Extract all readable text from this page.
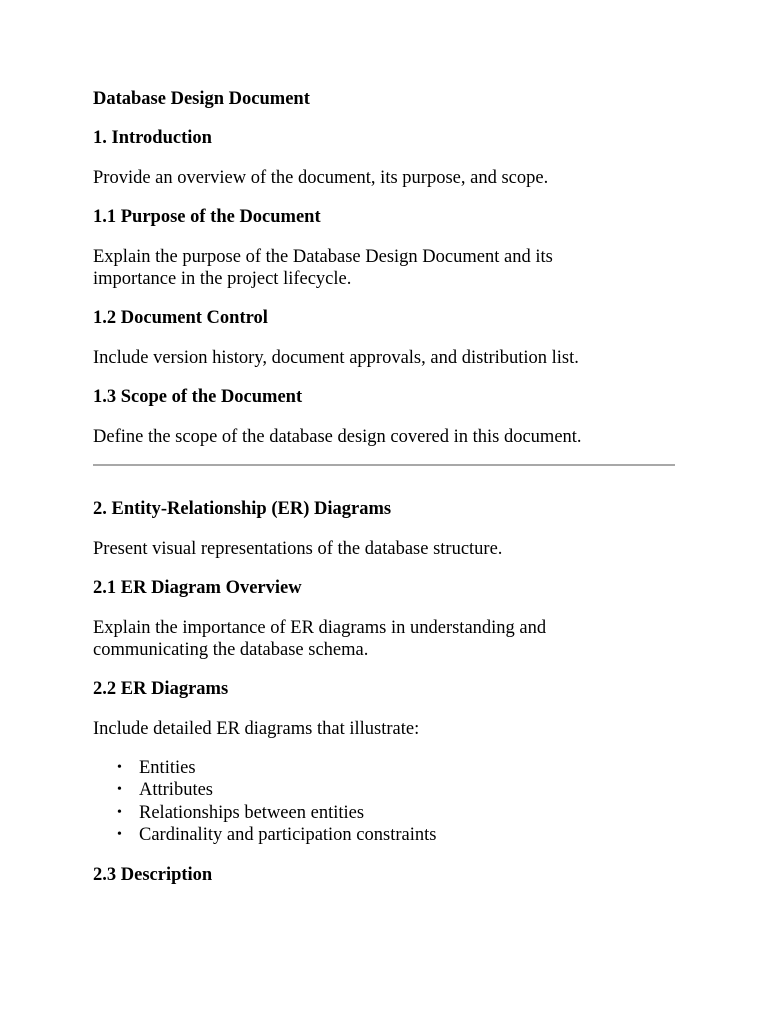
Database Design Document
1. Introduction
Provide an overview of the document, its purpose, and scope.
1.1 Purpose of the Document
Explain the purpose of the Database Design Document and its
importance in the project lifecycle.
1.2 Document Control
Include version history, document approvals, and distribution list.
1.3 Scope of the Document
Define the scope of the database design covered in this document.
2. Entity-Relationship (ER) Diagrams
Present visual representations of the database structure.
2.1 ER Diagram Overview
Explain the importance of ER diagrams in understanding and
communicating the database schema.
2.2 ER Diagrams
Include detailed ER diagrams that illustrate:
• Entities
• Attributes
• Relationships between entities
• Cardinality and participation constraints
2.3 Description
